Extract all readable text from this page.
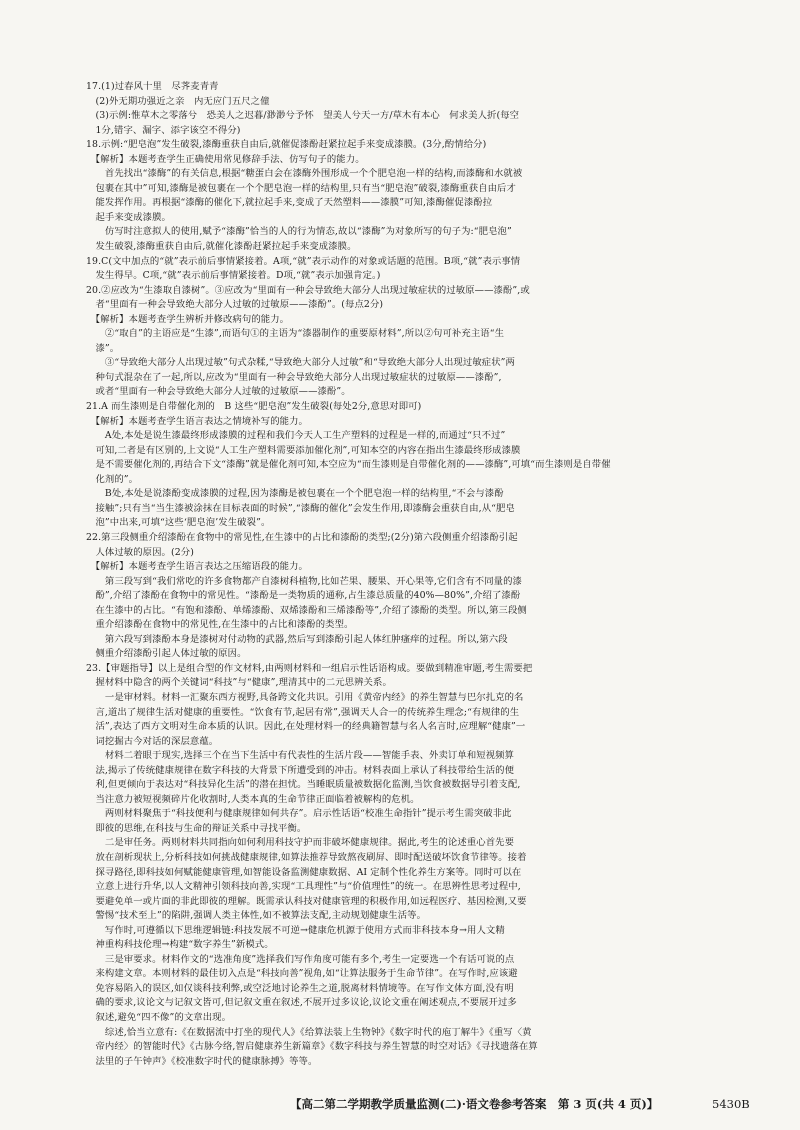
17.(1)过春风十里　尽荠麦青青
　(2)外无期功强近之亲　内无应门五尺之僮
　(3)示例:惟草木之零落兮　恐美人之迟暮/渺渺兮予怀　望美人兮天一方/草木有本心　何求美人折(每空
　1分,错字、漏字、添字该空不得分)
18.示例:“肥皂泡”发生破裂,漆酶重获自由后,就催促漆酚赶紧拉起手来变成漆膜。(3分,酌情给分)
　【解析】本题考查学生正确使用常见修辞手法、仿写句子的能力。
　　首先找出“漆酶”的有关信息,根据“糖蛋白会在漆酶外围形成一个个肥皂泡一样的结构,而漆酶和水就被
　包裹在其中”可知,漆酶是被包裹在一个个肥皂泡一样的结构里,只有当“肥皂泡”破裂,漆酶重获自由后才
　能发挥作用。再根据“漆酶的催化下,就拉起手来,变成了天然塑料——漆膜”可知,漆酶催促漆酚拉
　起手来变成漆膜。
　　仿写时注意拟人的使用,赋予“漆酶”恰当的人的行为情态,故以“漆酶”为对象所写的句子为:“肥皂泡”
　发生破裂,漆酶重获自由后,就催化漆酚赶紧拉起手来变成漆膜。
19.C(文中加点的“就”表示前后事情紧接着。A项,“就”表示动作的对象或话题的范围。B项,“就”表示事情
　发生得早。C项,“就”表示前后事情紧接着。D项,“就”表示加强肯定。)
20.②应改为“生漆取自漆树”。③应改为“里面有一种会导致绝大部分人出现过敏症状的过敏原——漆酚”,或
　者“里面有一种会导致绝大部分人过敏的过敏原——漆酚”。(每点2分)
　【解析】本题考查学生辨析并修改病句的能力。
　　②“取自”的主语应是“生漆”,而语句①的主语为“漆器制作的重要原材料”,所以②句可补充主语“生
　漆”。
　　③“导致绝大部分人出现过敏”句式杂糅,“导致绝大部分人过敏”和“导致绝大部分人出现过敏症状”两
　种句式混杂在了一起,所以,应改为“里面有一种会导致绝大部分人出现过敏症状的过敏原——漆酚”,
　或者“里面有一种会导致绝大部分人过敏的过敏原——漆酚”。
21.A 而生漆则是自带催化剂的　B 这些“肥皂泡”发生破裂(每处2分,意思对即可)
　【解析】本题考查学生语言表达之情境补写的能力。
　　A处,本处是说生漆最终形成漆膜的过程和我们今天人工生产塑料的过程是一样的,而通过“只不过”
　可知,二者是有区别的,上文说“人工生产塑料需要添加催化剂”,可知本空的内容在指出生漆最终形成漆膜
　是不需要催化剂的,再结合下文“漆酶”就是催化剂可知,本空应为“而生漆则是自带催化剂的——漆酶”,可填“而生漆则是自带催
　化剂的”。
　　B处,本处是说漆酚变成漆膜的过程,因为漆酶是被包裹在一个个肥皂泡一样的结构里,“不会与漆酚
　接触”;只有当“当生漆被涂抹在目标表面的时候”,“漆酶的催化”会发生作用,即漆酶会重获自由,从“肥皂
　泡”中出来,可填“这些‘肥皂泡’发生破裂”。
22.第三段侧重介绍漆酚在食物中的常见性,在生漆中的占比和漆酚的类型;(2分)第六段侧重介绍漆酚引起
　人体过敏的原因。(2分)
　【解析】本题考查学生语言表达之压缩语段的能力。
　　第三段写到“我们常吃的许多食物都产自漆树科植物,比如芒果、腰果、开心果等,它们含有不同量的漆
　酚”,介绍了漆酚在食物中的常见性。“漆酚是一类物质的通称,占生漆总质量的40%—80%”,介绍了漆酚
　在生漆中的占比。“有饱和漆酚、单烯漆酚、双烯漆酚和三烯漆酚等”,介绍了漆酚的类型。所以,第三段侧
　重介绍漆酚在食物中的常见性,在生漆中的占比和漆酚的类型。
　　第六段写到漆酚本身是漆树对付动物的武器,然后写到漆酚引起人体红肿瘙痒的过程。所以,第六段
　侧重介绍漆酚引起人体过敏的原因。
23.【审题指导】以上是组合型的作文材料,由两则材料和一组启示性话语构成。要做到精准审题,考生需要把
　握材料中隐含的两个关键词“科技”与“健康”,理清其中的二元思辨关系。
　　一是审材料。材料一汇聚东西方视野,具备跨文化共识。引用《黄帝内经》的养生智慧与巴尔扎克的名
　言,道出了规律生活对健康的重要性。“饮食有节,起居有常”,强调天人合一的传统养生理念;“有规律的生
　活”,表达了西方文明对生命本质的认识。因此,在处理材料一的经典籍智慧与名人名言时,应理解“健康”一
　词挖掘古今对话的深层意蕴。
　　材料二着眼于现实,选择三个在当下生活中有代表性的生活片段——智能手表、外卖订单和短视频算
　法,揭示了传统健康规律在数字科技的大背景下所遭受到的冲击。材料表面上承认了科技带给生活的便
　利,但更倾向于表达对“科技异化生活”的潜在担忧。当睡眠质量被数据化监测,当饮食被数据导引着支配,
　当注意力被短视频碎片化收割时,人类本真的生命节律正面临着被解构的危机。
　　两则材料聚焦于“科技便利与健康规律如何共存”。启示性话语“校准生命指针”提示考生需突破非此
　即彼的思维,在科技与生命的辩证关系中寻找平衡。
　　二是审任务。两则材料共同指向如何利用科技守护而非破坏健康规律。据此,考生的论述重心首先要
　放在剖析现状上,分析科技如何挑战健康规律,如算法推荐导致熬夜刷屏、即时配送破坏饮食节律等。接着
　探寻路径,即科技如何赋能健康管理,如智能设备监测健康数据、AI 定制个性化养生方案等。同时可以在
　立意上进行升华,以人文精神引领科技向善,实现“工具理性”与“价值理性”的统一。在思辨性思考过程中,
　要避免单一或片面的非此即彼的理解。既需承认科技对健康管理的积极作用,如远程医疗、基因检测,又要
　警惕“技术至上”的陷阱,强调人类主体性,如不被算法支配,主动规划健康生活等。
　　写作时,可遵循以下思维逻辑链:科技发展不可逆→健康危机源于使用方式而非科技本身→用人文精
　神重构科技伦理→构建“数字养生”新模式。
　　三是审要求。材料作文的“选准角度”选择我们写作角度可能有多个,考生一定要选一个有话可说的点
　来构建文章。本则材料的最佳切入点是“科技向善”视角,如“让算法服务于生命节律”。在写作时,应该避
　免容易陷入的误区,如仅谈科技利弊,或空泛地讨论养生之道,脱离材料情境等。在写作文体方面,没有明
　确的要求,议论文与记叙文皆可,但记叙文重在叙述,不展开过多议论,议论文重在阐述观点,不要展开过多
　叙述,避免“四不像”的文章出现。
　　综述,恰当立意有:《在数据流中打坐的现代人》《给算法装上生物钟》《数字时代的庖丁解牛》《重写〈黄
　帝内经〉的智能时代》《古脉今络,智启健康养生新篇章》《数字科技与养生智慧的时空对话》《寻找遗落在算
　法里的子午钟声》《校准数字时代的健康脉搏》等等。
【高二第二学期教学质量监测(二)·语文卷参考答案　第 3 页(共 4 页)】	5430B
